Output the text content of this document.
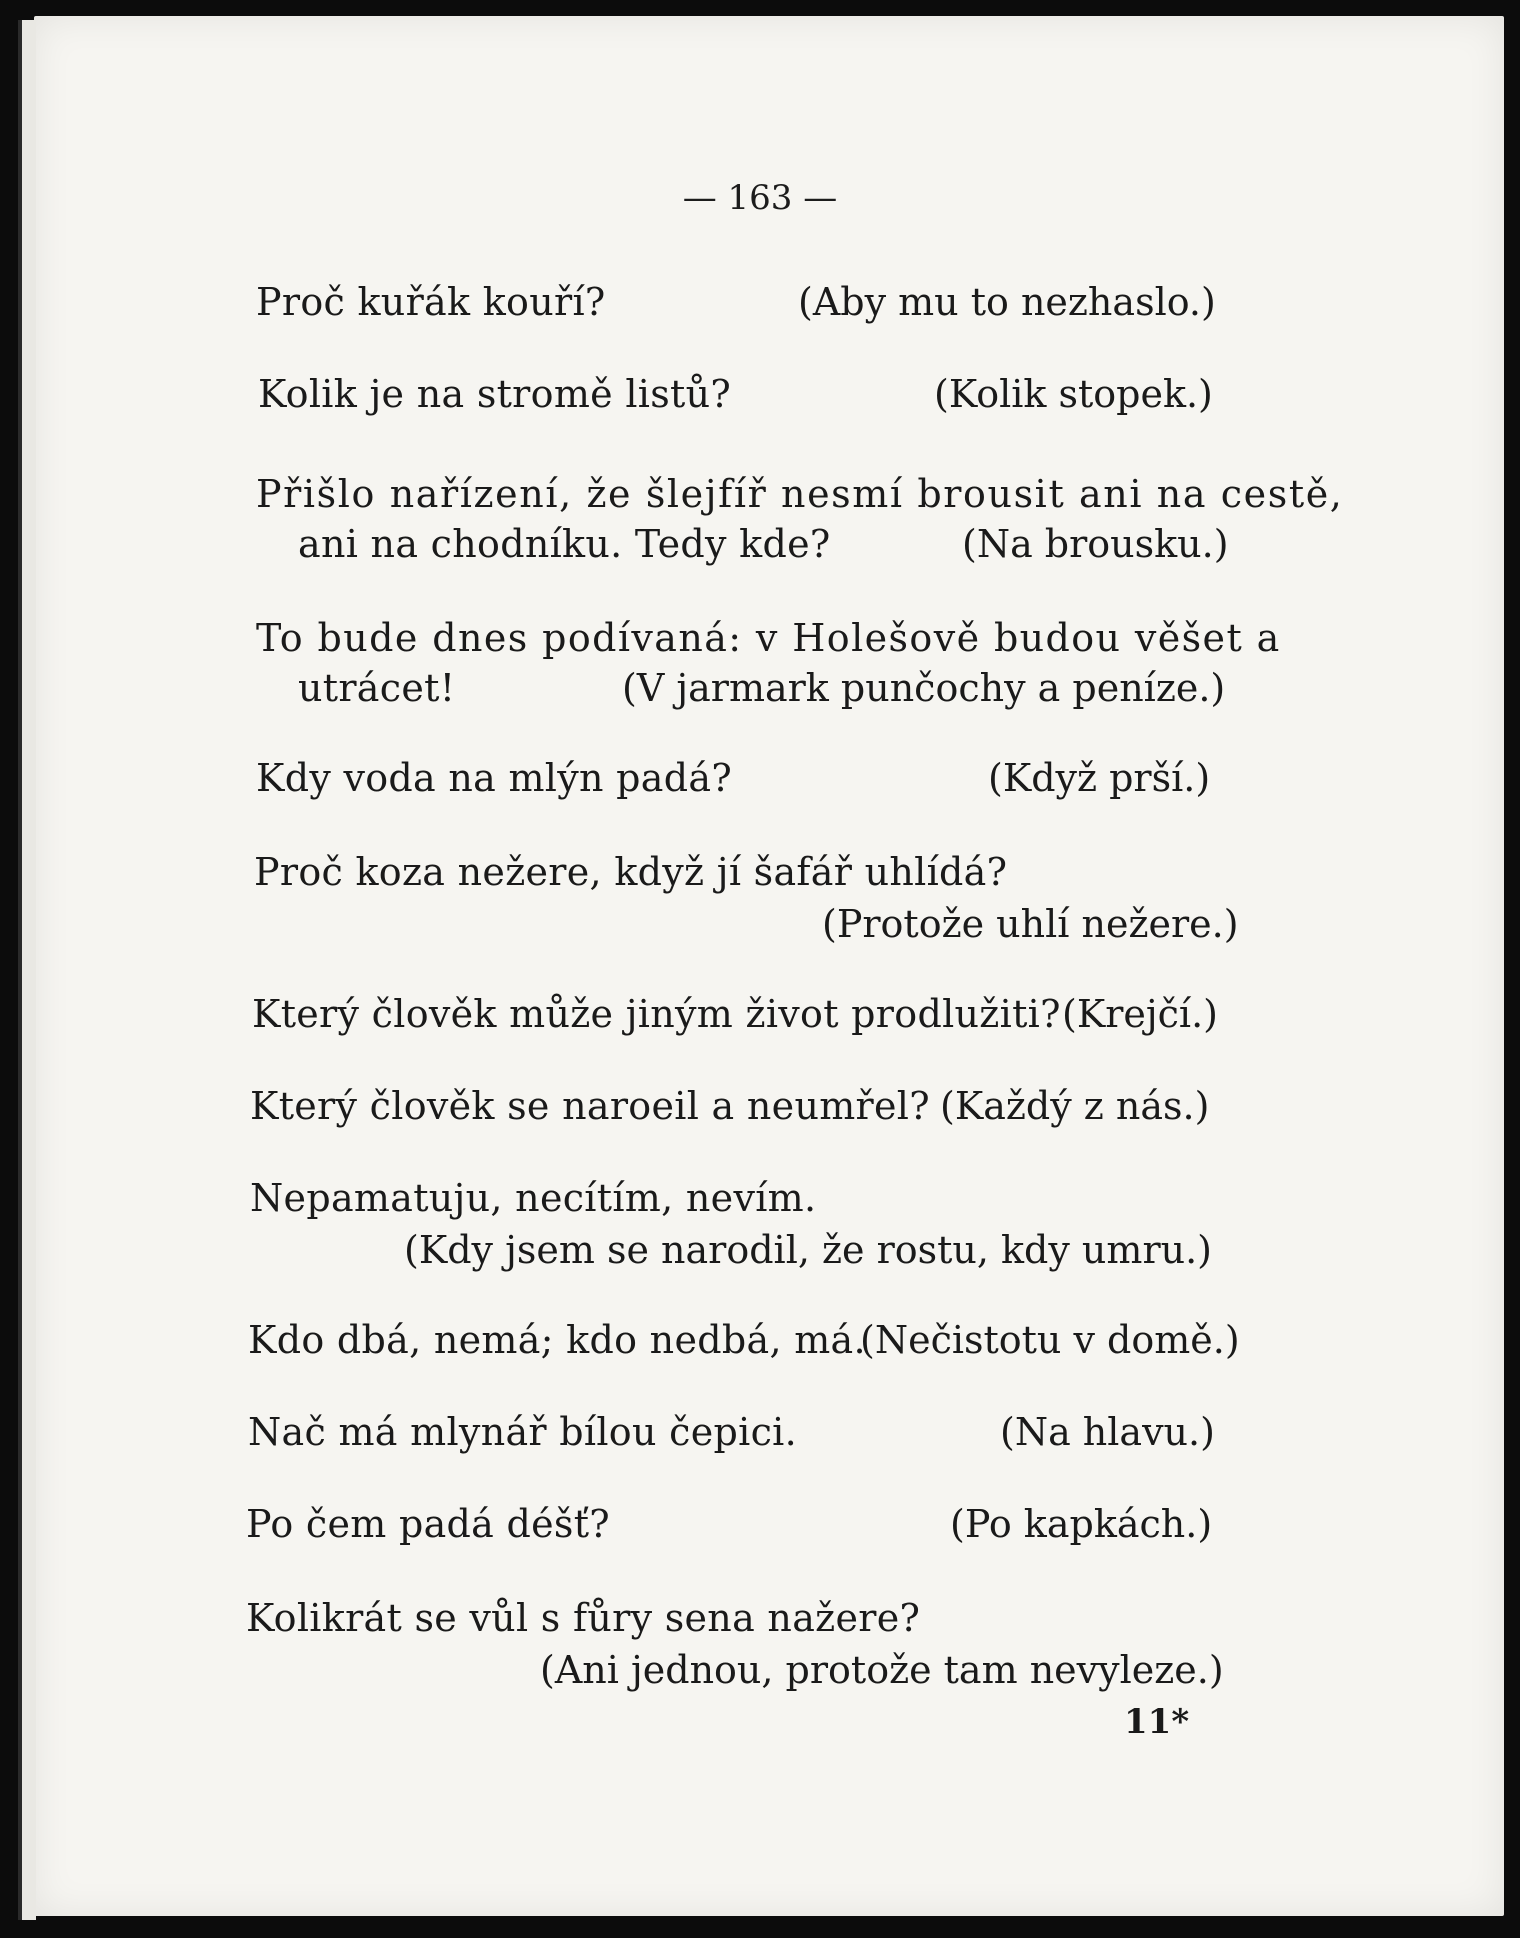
— 163 —
Proč kuřák kouří?	(Aby mu to nezhaslo.)
Kolik je na stromě listů?	(Kolik stopek.)
Přišlo nařízení, že šlejfíř nesmí brousit ani na cestě,
ani na chodníku. Tedy kde?	(Na brousku.)
To bude dnes podívaná: v Holešově budou věšet a
utrácet!	(V jarmark punčochy a peníze.)
Kdy voda na mlýn padá?	(Když prší.)
Proč koza nežere, když jí šafář uhlídá?
(Protože uhlí nežere.)
Který člověk může jiným život prodlužiti? (Krejčí.)
Který člověk se naroeil a neumřel? (Každý z nás.)
Nepamatuju, necítím, nevím.
(Kdy jsem se narodil, že rostu, kdy umru.)
Kdo dbá, nemá; kdo nedbá, má.
(Nečistotu v domě.)
Nač má mlynář bílou čepici.	(Na hlavu.)
Po čem padá déšť?	(Po kapkách.)
Kolikrát se vůl s fůry sena nažere?
(Ani jednou, protože tam nevyleze.)
11*
